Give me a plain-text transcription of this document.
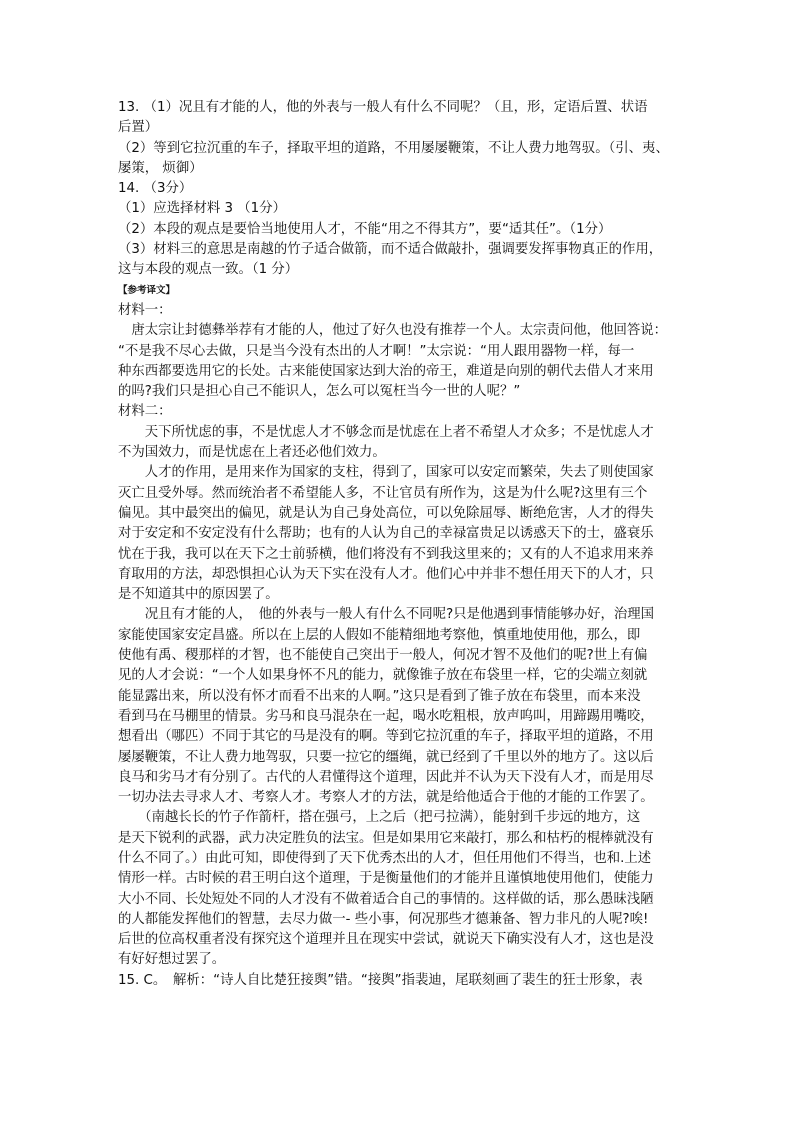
13. （1）况且有才能的人，他的外表与一般人有什么不同呢？（且，形，定语后置、状语
后置）
（2）等到它拉沉重的车子，择取平坦的道路，不用屡屡鞭策，不让人费力地驾驭。（引、夷、
屡策， 烦御）
14. （3分）
（1）应选择材料 3 （1分）
（2）本段的观点是要恰当地使用人才，不能“用之不得其方”，要“适其任”。（1分）
（3）材料三的意思是南越的竹子适合做箭，而不适合做敲扑，强调要发挥事物真正的作用，
这与本段的观点一致。（1 分）
【参考译文】
材料一：
　唐太宗让封德彝举荐有才能的人，他过了好久也没有推荐一个人。太宗责问他，他回答说：
“不是我不尽心去做，只是当今没有杰出的人才啊！”太宗说：“用人跟用器物一样，每一
种东西都要选用它的长处。古来能使国家达到大治的帝王，难道是向别的朝代去借人才来用
的吗?我们只是担心自己不能识人，怎么可以冤枉当今一世的人呢？”
材料二：
　　天下所忧虑的事，不是忧虑人才不够念而是忧虑在上者不希望人才众多；不是忧虑人才
不为国效力，而是忧虑在上者还必他们效力。
　　人才的作用，是用来作为国家的支柱，得到了，国家可以安定而繁荣，失去了则使国家
灭亡且受外辱。然而统治者不希望能人多，不让官员有所作为，这是为什么呢?这里有三个
偏见。其中最突出的偏见，就是认为自己身处高位，可以免除屈辱、断绝危害，人才的得失
对于安定和不安定没有什么帮助；也有的人认为自己的幸禄富贵足以诱惑天下的士，盛衰乐
忧在于我，我可以在天下之士前骄横，他们将没有不到我这里来的；又有的人不追求用来养
育取用的方法，却恐惧担心认为天下实在没有人才。他们心中并非不想任用天下的人才，只
是不知道其中的原因罢了。
　　况且有才能的人，　他的外表与一般人有什么不同呢?只是他遇到事情能够办好，治理国
家能使国家安定昌盛。所以在上层的人假如不能精细地考察他，慎重地使用他，那么，即
使他有禹、稷那样的才智，也不能使自己突出于一般人，何况才智不及他们的呢?世上有偏
见的人才会说：“一个人如果身怀不凡的能力，就像锥子放在布袋里一样，它的尖端立刻就
能显露出来，所以没有怀才而看不出来的人啊。”这只是看到了锥子放在布袋里，而本来没
看到马在马棚里的情景。劣马和良马混杂在一起，喝水吃粗根，放声呜叫，用蹄踢用嘴咬，
想看出（哪匹）不同于其它的马是没有的啊。等到它拉沉重的车子，择取平坦的道路，不用
屡屡鞭策，不让人费力地驾驭，只要一拉它的缰绳，就已经到了千里以外的地方了。这以后
良马和劣马才有分别了。古代的人君懂得这个道理，因此并不认为天下没有人才，而是用尽
一切办法去寻求人才、考察人才。考察人才的方法，就是给他适合于他的才能的工作罢了。
　　（南越长长的竹子作箭杆，搭在强弓，上之后（把弓拉满），能射到千步远的地方，这
是天下锐利的武器，武力决定胜负的法宝。但是如果用它来敲打，那么和枯朽的棍棒就没有
什么不同了。）由此可知，即使得到了天下优秀杰出的人才，但任用他们不得当，也和.上述
情形一样。古时候的君王明白这个道理，于是衡量他们的才能并且谨慎地使用他们，使能力
大小不同、长处短处不同的人才没有不做着适合自己的事情的。这样做的话，那么愚昧浅陋
的人都能发挥他们的智慧，去尽力做一- 些小事，何况那些才德兼备、智力非凡的人呢?唉!
后世的位高权重者没有探究这个道理并且在现实中尝试，就说天下确实没有人才，这也是没
有好好想过罢了。
15. C。　解析：“诗人自比楚狂接舆”错。“接舆”指裴迪，尾联刻画了裴生的狂士形象，表
